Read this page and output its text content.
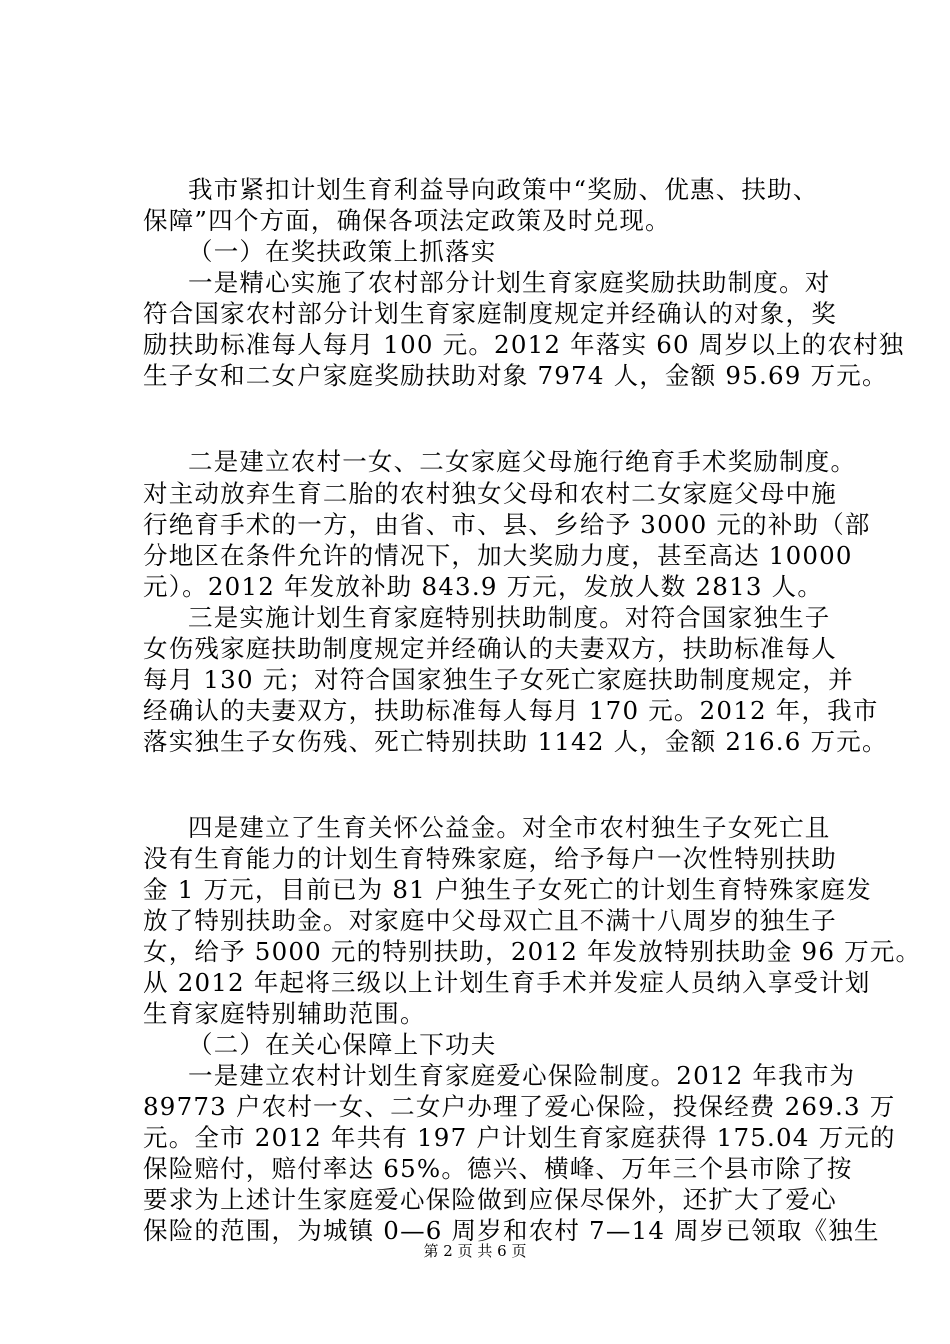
我市紧扣计划生育利益导向政策中“奖励、优惠、扶助、
保障”四个方面，确保各项法定政策及时兑现。
（一）在奖扶政策上抓落实
一是精心实施了农村部分计划生育家庭奖励扶助制度。对
符合国家农村部分计划生育家庭制度规定并经确认的对象，奖
励扶助标准每人每月 100 元。2012 年落实 60 周岁以上的农村独
生子女和二女户家庭奖励扶助对象 7974 人，金额 95.69 万元。
二是建立农村一女、二女家庭父母施行绝育手术奖励制度。
对主动放弃生育二胎的农村独女父母和农村二女家庭父母中施
行绝育手术的一方，由省、市、县、乡给予 3000 元的补助（部
分地区在条件允许的情况下，加大奖励力度，甚至高达 10000
元）。2012 年发放补助 843.9 万元，发放人数 2813 人。
三是实施计划生育家庭特别扶助制度。对符合国家独生子
女伤残家庭扶助制度规定并经确认的夫妻双方，扶助标准每人
每月 130 元；对符合国家独生子女死亡家庭扶助制度规定，并
经确认的夫妻双方，扶助标准每人每月 170 元。2012 年，我市
落实独生子女伤残、死亡特别扶助 1142 人，金额 216.6 万元。
四是建立了生育关怀公益金。对全市农村独生子女死亡且
没有生育能力的计划生育特殊家庭，给予每户一次性特别扶助
金 1 万元，目前已为 81 户独生子女死亡的计划生育特殊家庭发
放了特别扶助金。对家庭中父母双亡且不满十八周岁的独生子
女，给予 5000 元的特别扶助，2012 年发放特别扶助金 96 万元。
从 2012 年起将三级以上计划生育手术并发症人员纳入享受计划
生育家庭特别辅助范围。
（二）在关心保障上下功夫
一是建立农村计划生育家庭爱心保险制度。2012 年我市为
89773 户农村一女、二女户办理了爱心保险，投保经费 269.3 万
元。全市 2012 年共有 197 户计划生育家庭获得 175.04 万元的
保险赔付，赔付率达 65%。德兴、横峰、万年三个县市除了按
要求为上述计生家庭爱心保险做到应保尽保外，还扩大了爱心
保险的范围，为城镇 0—6 周岁和农村 7—14 周岁已领取《独生
第 2 页 共 6 页
